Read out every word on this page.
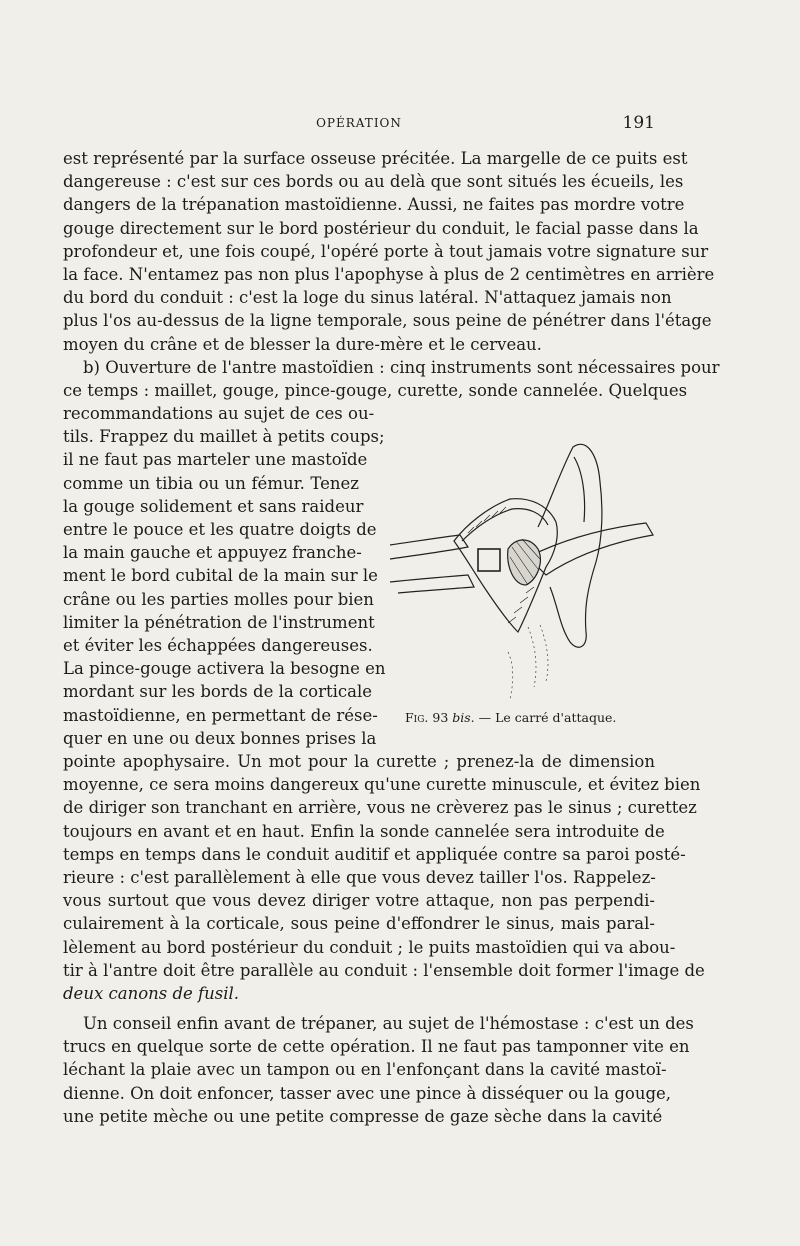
OPÉRATION	191
est représenté par la surface osseuse précitée. La margelle de ce puits est
dangereuse : c'est sur ces bords ou au delà que sont situés les écueils, les
dangers de la trépanation mastoïdienne. Aussi, ne faites pas mordre votre
gouge directement sur le bord postérieur du conduit, le facial passe dans la
profondeur et, une fois coupé, l'opéré porte à tout jamais votre signature sur
la face. N'entamez pas non plus l'apophyse à plus de 2 centimètres en arrière
du bord du conduit : c'est la loge du sinus latéral. N'attaquez jamais non
plus l'os au-dessus de la ligne temporale, sous peine de pénétrer dans l'étage
moyen du crâne et de blesser la dure-mère et le cerveau.
b) Ouverture de l'antre mastoïdien : cinq instruments sont nécessaires pour
ce temps : maillet, gouge, pince-gouge, curette, sonde cannelée. Quelques
recommandations au sujet de ces ou-
tils. Frappez du maillet à petits coups;
il ne faut pas marteler une mastoïde
comme un tibia ou un fémur. Tenez
la gouge solidement et sans raideur
entre le pouce et les quatre doigts de
la main gauche et appuyez franche-
ment le bord cubital de la main sur le
crâne ou les parties molles pour bien
limiter la pénétration de l'instrument
et éviter les échappées dangereuses.
La pince-gouge activera la besogne en
mordant sur les bords de la corticale
mastoïdienne, en permettant de rése-
quer en une ou deux bonnes prises la
Fig. 93 bis. — Le carré d'attaque.
pointe apophysaire. Un mot pour la curette ; prenez-la de dimension
moyenne, ce sera moins dangereux qu'une curette minuscule, et évitez bien
de diriger son tranchant en arrière, vous ne crèverez pas le sinus ; curettez
toujours en avant et en haut. Enfin la sonde cannelée sera introduite de
temps en temps dans le conduit auditif et appliquée contre sa paroi posté-
rieure : c'est parallèlement à elle que vous devez tailler l'os. Rappelez-
vous surtout que vous devez diriger votre attaque, non pas perpendi-
culairement à la corticale, sous peine d'effondrer le sinus, mais paral-
lèlement au bord postérieur du conduit ; le puits mastoïdien qui va abou-
tir à l'antre doit être parallèle au conduit : l'ensemble doit former l'image de
deux canons de fusil.
Un conseil enfin avant de trépaner, au sujet de l'hémostase : c'est un des
trucs en quelque sorte de cette opération. Il ne faut pas tamponner vite en
léchant la plaie avec un tampon ou en l'enfonçant dans la cavité mastoï-
dienne. On doit enfoncer, tasser avec une pince à disséquer ou la gouge,
une petite mèche ou une petite compresse de gaze sèche dans la cavité
